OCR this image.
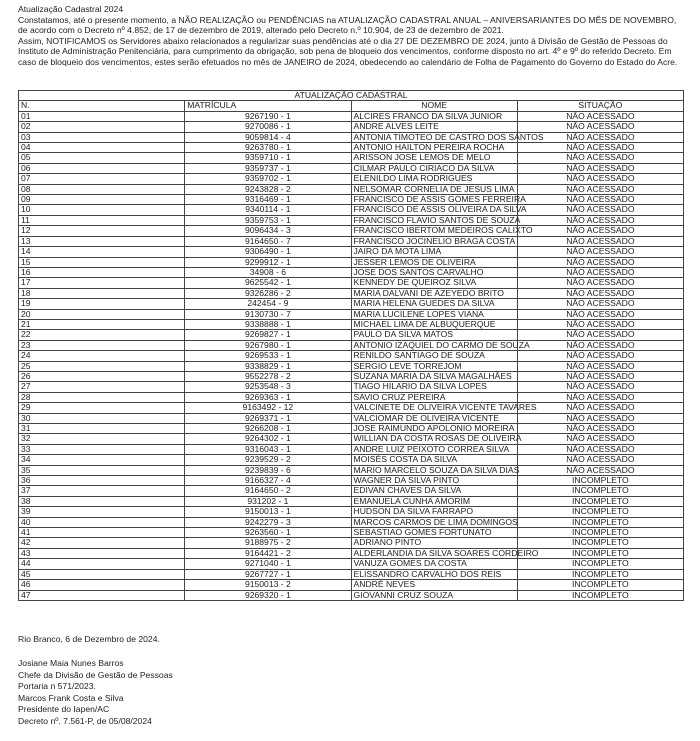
Atualização Cadastral 2024

Constatamos, até o presente momento, a NÃO REALIZAÇÃO ou PENDÊNCIAS na ATUALIZAÇÃO CADASTRAL ANUAL – ANIVERSARIANTES DO MÊS DE NOVEMBRO, de acordo com o Decreto nº 4.852, de 17 de dezembro de 2019, alterado pelo Decreto n.º 10.904, de 23 de dezembro de 2021.

Assim, NOTIFICAMOS os Servidores abaixo relacionados a regularizar suas pendências até o dia 27 DE DEZEMBRO DE 2024, junto à Divisão de Gestão de Pessoas do Instituto de Administração Penitenciária, para cumprimento da obrigação, sob pena de bloqueio dos vencimentos, conforme disposto no art. 4º e 9º do referido Decreto. Em caso de bloqueio dos vencimentos, estes serão efetuados no mês de JANEIRO de 2024, obedecendo ao calendário de Folha de Pagamento do Governo do Estado do Acre.

ATUALIZAÇÃO CADASTRAL			
N.	MATRÍCULA	NOME	SITUAÇÃO
01	9267190 - 1	ALCIRES FRANCO DA SILVA JUNIOR	NÃO ACESSADO
02	9270086 - 1	ANDRE ALVES LEITE	NÃO ACESSADO
03	9059814 - 4	ANTONIA TIMOTEO DE CASTRO DOS SANTOS	NÃO ACESSADO
04	9263780 - 1	ANTONIO HAILTON PEREIRA ROCHA	NÃO ACESSADO
05	9359710 - 1	ARISSON JOSE LEMOS DE MELO	NÃO ACESSADO
06	9359737 - 1	CILMAR PAULO CIRIACO DA SILVA	NÃO ACESSADO
07	9359702 - 1	ELENILDO LIMA RODRIGUES	NÃO ACESSADO
08	9243828 - 2	NELSOMAR CORNELIA DE JESUS LIMA	NÃO ACESSADO
09	9316469 - 1	FRANCISCO DE ASSIS GOMES FERREIRA	NÃO ACESSADO
10	9340114 - 1	FRANCISCO DE ASSIS OLIVEIRA DA SILVA	NÃO ACESSADO
11	9359753 - 1	FRANCISCO FLAVIO SANTOS DE SOUZA	NÃO ACESSADO
12	9096434 - 3	FRANCISCO IBERTOM MEDEIROS CALIXTO	NÃO ACESSADO
13	9164650 - 7	FRANCISCO JOCINELIO BRAGA COSTA	NÃO ACESSADO
14	9306490 - 1	JAIRO DA MOTA LIMA	NÃO ACESSADO
15	9299912 - 1	JESSER LEMOS DE OLIVEIRA	NÃO ACESSADO
16	34908 - 6	JOSE DOS SANTOS CARVALHO	NÃO ACESSADO
17	9625542 - 1	KENNEDY DE QUEIROZ SILVA	NÃO ACESSADO
18	9326286 - 2	MARIA DALVANI DE AZEYEDO BRITO	NÃO ACESSADO
19	242454 - 9	MARIA HELENA GUEDES DA SILVA	NÃO ACESSADO
20	9130730 - 7	MARIA LUCILENE LOPES VIANA	NÃO ACESSADO
21	9338888 - 1	MICHAEL LIMA DE ALBUQUERQUE	NÃO ACESSADO
22	9269827 - 1	PAULO DA SILVA MATOS	NÃO ACESSADO
23	9267980 - 1	ANTONIO IZAQUIEL DO CARMO DE SOUZA	NÃO ACESSADO
24	9269533 - 1	RENILDO SANTIAGO DE SOUZA	NÃO ACESSADO
25	9338829 - 1	SERGIO LEVE TORREJOM	NÃO ACESSADO
26	9552278 - 2	SUZANA MARIA DA SILVA MAGALHÃES	NÃO ACESSADO
27	9253548 - 3	TIAGO HILARIO DA SILVA LOPES	NÃO ACESSADO
28	9269363 - 1	SAVIO CRUZ PEREIRA	NÃO ACESSADO
29	9163492 - 12	VALCINETE DE OLIVEIRA VICENTE TAVARES	NÃO ACESSADO
30	9269371 - 1	VALCIOMAR DE OLIVEIRA VICENTE	NÃO ACESSADO
31	9266208 - 1	JOSE RAIMUNDO APOLONIO MOREIRA	NÃO ACESSADO
32	9264302 - 1	WILLIAN DA COSTA ROSAS DE OLIVEIRA	NÃO ACESSADO
33	9316043 - 1	ANDRE LUIZ PEIXOTO CORREA SILVA	NÃO ACESSADO
34	9239529 - 2	MOISÉS COSTA DA SILVA	NÃO ACESSADO
35	9239839 - 6	MARIO MARCELO SOUZA DA SILVA DIAS	NÃO ACESSADO
36	9166327 - 4	WAGNER DA SILVA PINTO	INCOMPLETO
37	9164650 - 2	EDIVAN CHAVES DA SILVA	INCOMPLETO
38	931202 - 1	EMANUELA CUNHA AMORIM	INCOMPLETO
39	9150013 - 1	HUDSON DA SILVA FARRAPO	INCOMPLETO
40	9242279 - 3	MARCOS CARMOS DE LIMA DOMINGOS	INCOMPLETO
41	9263560 - 1	SEBASTIAO GOMES FORTUNATO	INCOMPLETO
42	9188975 - 2	ADRIANO PINTO	INCOMPLETO
43	9164421 - 2	ALDERLANDIA DA SILVA SOARES CORDEIRO	INCOMPLETO
44	9271040 - 1	VANUZA GOMES DA COSTA	INCOMPLETO
45	9267727 - 1	ELISSANDRO CARVALHO DOS REIS	INCOMPLETO
46	9150013 - 2	ANDRÉ NEVES	INCOMPLETO
47	9269320 - 1	GIOVANNI CRUZ SOUZA	INCOMPLETO
Rio Branco, 6 de Dezembro de 2024.

Josiane Maia Nunes Barros

Chefe da Divisão de Gestão de Pessoas

Portaria n 571/2023.

Marcos Frank Costa e Silva

Presidente do Iapen/AC

Decreto nº. 7.561-P, de 05/08/2024
